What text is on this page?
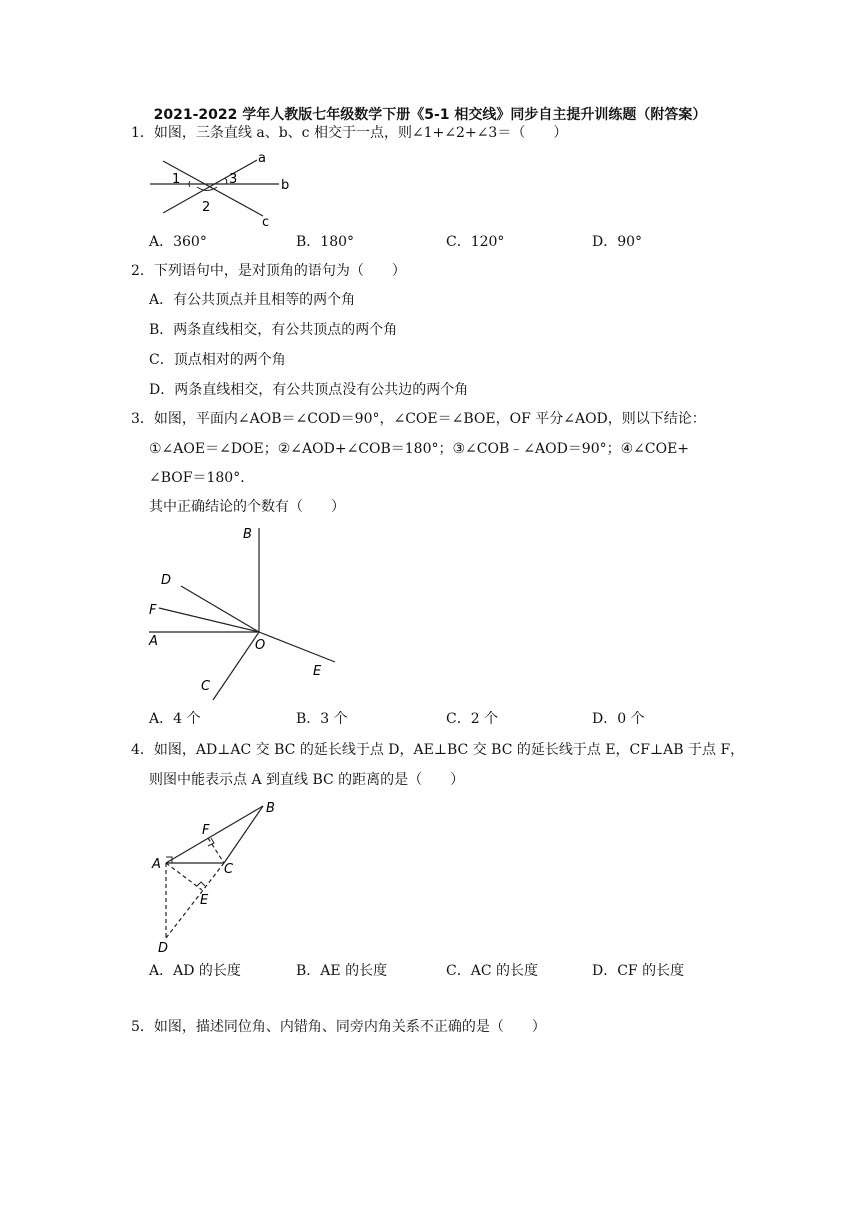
2021-2022 学年人教版七年级数学下册《5-1 相交线》同步自主提升训练题（附答案）
1．如图，三条直线 a、b、c 相交于一点，则∠1+∠2+∠3＝（　　）
a
b
c
1
2
3
A．360°	B．180°	C．120°	D．90°
2．下列语句中，是对顶角的语句为（　　）
A．有公共顶点并且相等的两个角
B．两条直线相交，有公共顶点的两个角
C．顶点相对的两个角
D．两条直线相交，有公共顶点没有公共边的两个角
3．如图，平面内∠AOB＝∠COD＝90°，∠COE＝∠BOE，OF 平分∠AOD，则以下结论：
①∠AOE＝∠DOE；②∠AOD+∠COB＝180°；③∠COB﹣∠AOD＝90°；④∠COE+
∠BOF＝180°．
其中正确结论的个数有（　　）
B
D
F
A	O
E
C
A．4 个	B．3 个	C．2 个	D．0 个
4．如图，AD⊥AC 交 BC 的延长线于点 D，AE⊥BC 交 BC 的延长线于点 E，CF⊥AB 于点 F，
则图中能表示点 A 到直线 BC 的距离的是（　　）
B
F
A	C
E
D
A．AD 的长度	B．AE 的长度	C．AC 的长度	D．CF 的长度
5．如图，描述同位角、内错角、同旁内角关系不正确的是（　　）
